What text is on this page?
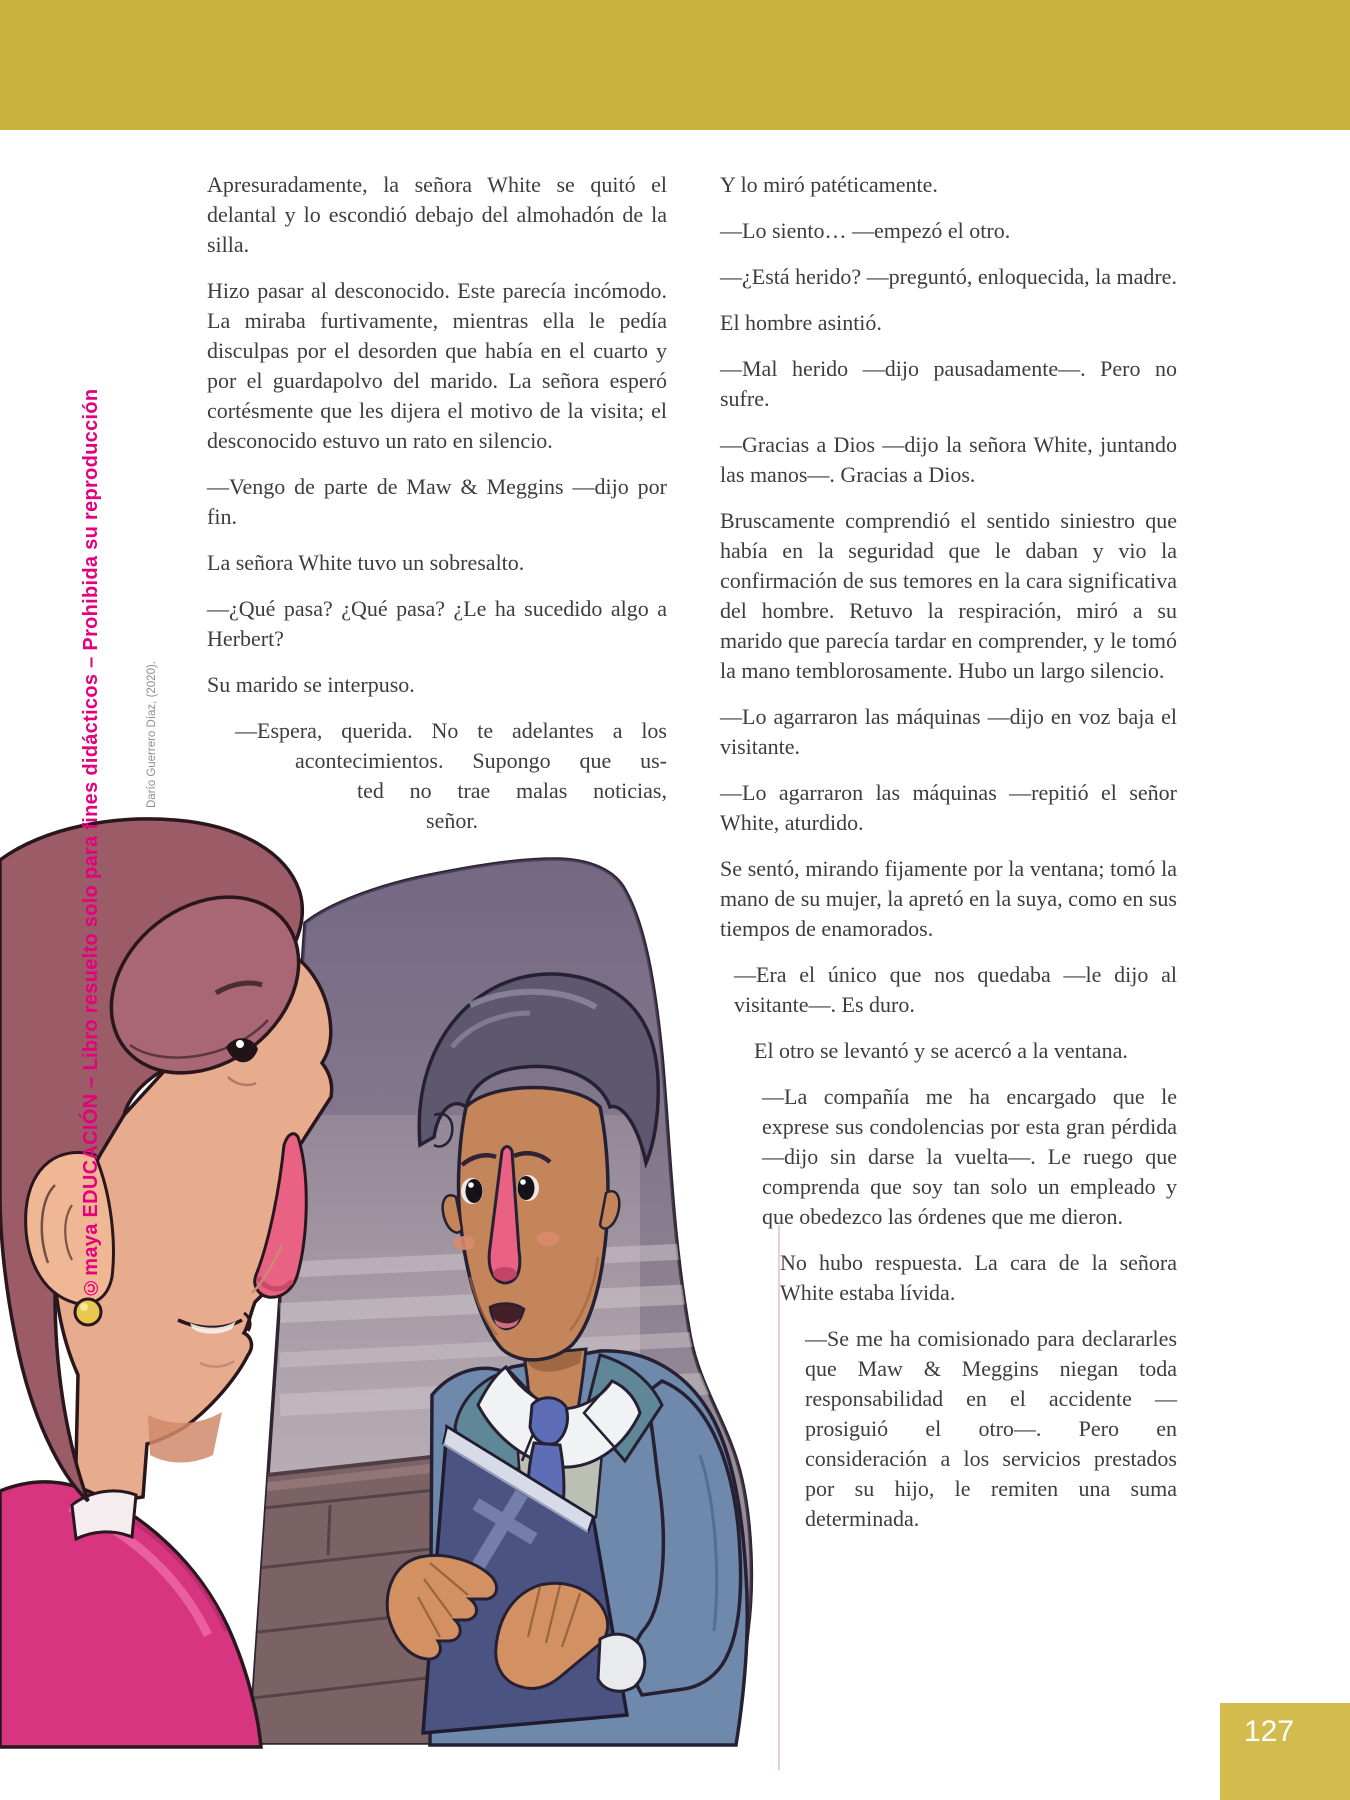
©maya EDUCACIÓN – Libro resuelto solo para fines didácticos – Prohibida su reproducción	Darío Guerrero Díaz, (2020).

Apresuradamente, la señora White se quitó el delantal y lo escondió debajo del almohadón de la silla.

Hizo pasar al desconocido. Este parecía incómodo. La miraba furtivamente, mientras ella le pedía disculpas por el desorden que había en el cuarto y por el guardapolvo del marido. La señora esperó cortésmente que les dijera el motivo de la visita; el desconocido estuvo un rato en silencio.

—Vengo de parte de Maw & Meggins —dijo por fin.

La señora White tuvo un sobresalto.

—¿Qué pasa? ¿Qué pasa? ¿Le ha sucedido algo a Herbert?

Su marido se interpuso.

—Espera, querida. No te adelantes a los
acontecimientos. Supongo que us-
ted no trae malas noticias,
señor.

Y lo miró patéticamente.

—Lo siento… —empezó el otro.

—¿Está herido? —preguntó, enloquecida, la madre.

El hombre asintió.

—Mal herido —dijo pausadamente—. Pero no sufre.

—Gracias a Dios —dijo la señora White, juntando las manos—. Gracias a Dios.

Bruscamente comprendió el sentido siniestro que había en la seguridad que le daban y vio la confirmación de sus temores en la cara significativa del hombre. Retuvo la respiración, miró a su marido que parecía tardar en comprender, y le tomó la mano temblorosamente. Hubo un largo silencio.

—Lo agarraron las máquinas —dijo en voz baja el visitante.

—Lo agarraron las máquinas —repitió el señor White, aturdido.

Se sentó, mirando fijamente por la ventana; tomó la mano de su mujer, la apretó en la suya, como en sus tiempos de enamorados.

—Era el único que nos quedaba —le dijo al visitante—. Es duro.

El otro se levantó y se acercó a la ventana.

—La compañía me ha encargado que le exprese sus condolencias por esta gran pérdida —dijo sin darse la vuelta—. Le ruego que comprenda que soy tan solo un empleado y que obedezco las órdenes que me dieron.

No hubo respuesta. La cara de la señora White estaba lívida.

—Se me ha comisionado para declararles que Maw & Meggins niegan toda responsabilidad en el accidente —prosiguió el otro—. Pero en consideración a los servicios prestados por su hijo, le remiten una suma determinada.

127
